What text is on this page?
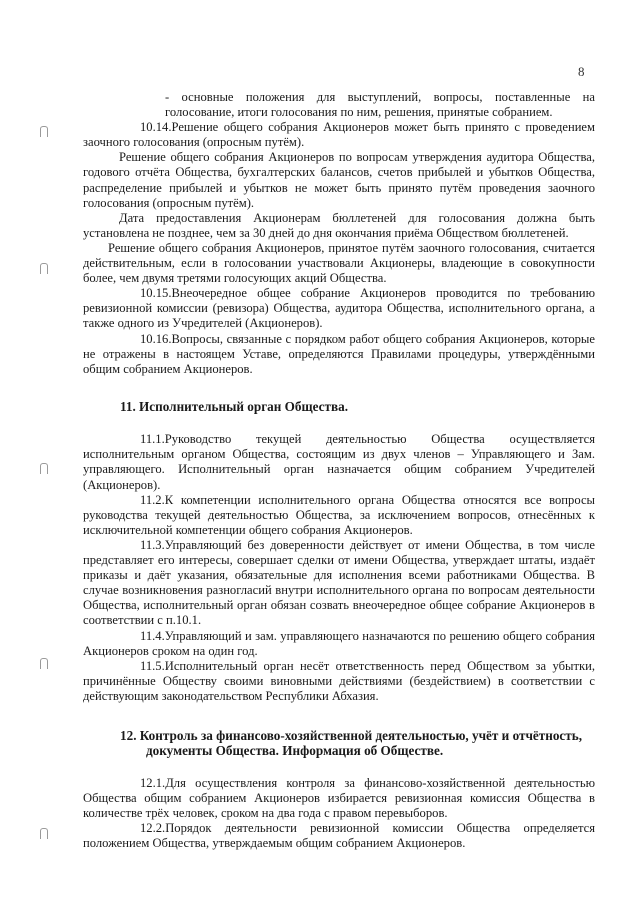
8

- основные положения для выступлений, вопросы, поставленные на голосование, итоги голосования по ним, решения, принятые собранием.

10.14.Решение общего собрания Акционеров может быть принято с проведением заочного голосования (опросным путём).

Решение общего собрания Акционеров по вопросам утверждения аудитора Общества, годового отчёта Общества, бухгалтерских балансов, счетов прибылей и убытков Общества, распределение прибылей и убытков не может быть принято путём проведения заочного голосования (опросным путём).

Дата предоставления Акционерам бюллетеней для голосования должна быть установлена не позднее, чем за 30 дней до дня окончания приёма Обществом бюллетеней.

Решение общего собрания Акционеров, принятое путём заочного голосования, считается действительным, если в голосовании участвовали Акционеры, владеющие в совокупности более, чем двумя третями голосующих акций Общества.

10.15.Внеочередное общее собрание Акционеров проводится по требованию ревизионной комиссии (ревизора) Общества, аудитора Общества, исполнительного органа, а также одного из Учредителей (Акционеров).

10.16.Вопросы, связанные с порядком работ общего собрания Акционеров, которые не отражены в настоящем Уставе, определяются Правилами процедуры, утверждёнными общим собранием Акционеров.

11. Исполнительный орган Общества.

11.1.Руководство текущей деятельностью Общества осуществляется исполнительным органом Общества, состоящим из двух членов – Управляющего и Зам. управляющего. Исполнительный орган назначается общим собранием Учредителей (Акционеров).

11.2.К компетенции исполнительного органа Общества относятся все вопросы руководства текущей деятельностью Общества, за исключением вопросов, отнесённых к исключительной компетенции общего собрания Акционеров.

11.3.Управляющий без доверенности действует от имени Общества, в том числе представляет его интересы, совершает сделки от имени Общества, утверждает штаты, издаёт приказы и даёт указания, обязательные для исполнения всеми работниками Общества. В случае возникновения разногласий внутри исполнительного органа по вопросам деятельности Общества, исполнительный орган обязан созвать внеочередное общее собрание Акционеров в соответствии с п.10.1.

11.4.Управляющий и зам. управляющего назначаются по решению общего собрания Акционеров сроком на один год.

11.5.Исполнительный орган несёт ответственность перед Обществом за убытки, причинённые Обществу своими виновными действиями (бездействием) в соответствии с действующим законодательством Республики Абхазия.

12. Контроль за финансово-хозяйственной деятельностью, учёт и отчётность,
документы Общества. Информация об Обществе.

12.1.Для осуществления контроля за финансово-хозяйственной деятельностью Общества общим собранием Акционеров избирается ревизионная комиссия Общества в количестве трёх человек, сроком на два года с правом перевыборов.

12.2.Порядок деятельности ревизионной комиссии Общества определяется положением Общества, утверждаемым общим собранием Акционеров.
